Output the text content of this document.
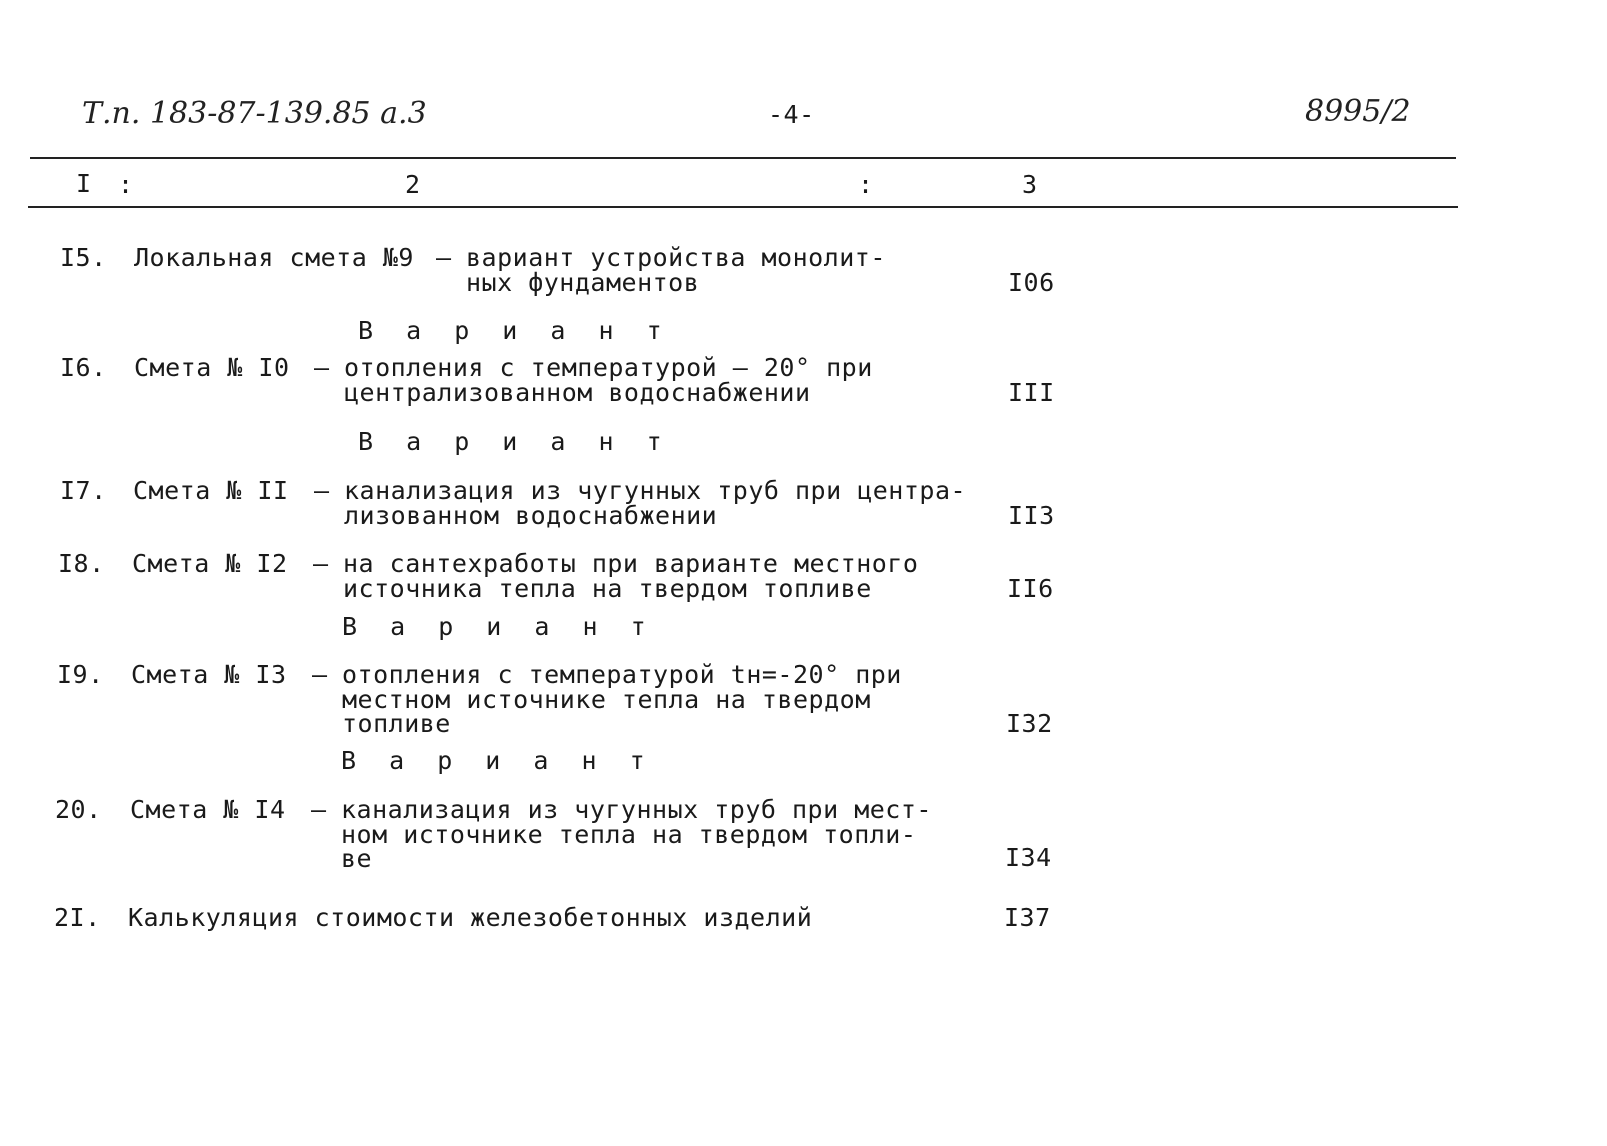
Т.п. 183-87-139.85 а.3	-4-	8995/2
I :	2	:	3
I5. Локальная смета №9 – вариант устройства монолит-
ных фундаментов	I06
В а р и а н т
I6. Смета № I0 – отопления с температурой – 20° при
централизованном водоснабжении	III
В а р и а н т
I7. Смета № II – канализация из чугунных труб при центра-
лизованном водоснабжении	II3
I8. Смета № I2 – на сантехработы при варианте местного
источника тепла на твердом топливе	II6
В а р и а н т
I9. Смета № I3 – отопления с температурой tн=-20° при
местном источнике тепла на твердом
топливе	I32
В а р и а н т
20. Смета № I4 – канализация из чугунных труб при мест-
ном источнике тепла на твердом топли-
ве	I34
2I. Калькуляция стоимости железобетонных изделий	I37
